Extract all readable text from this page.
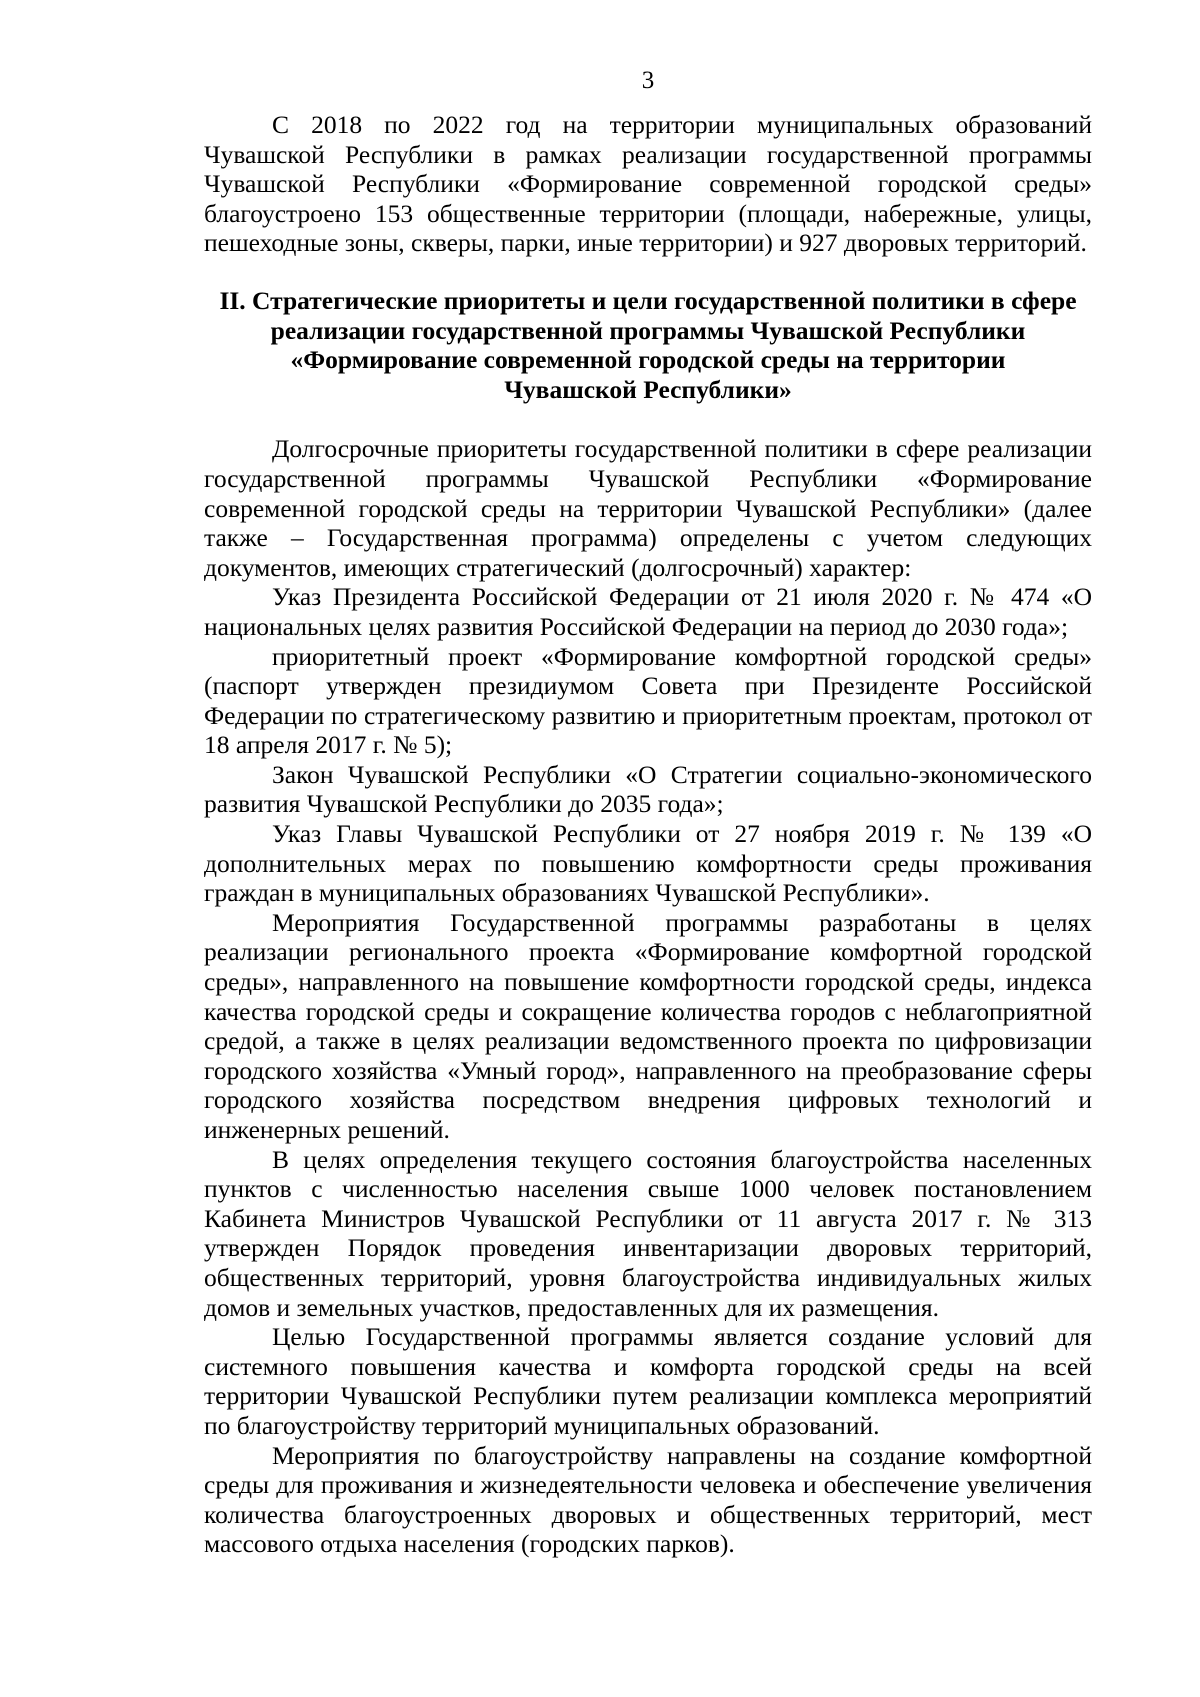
3

С 2018 по 2022 год на территории муниципальных образований Чувашской Республики в рамках реализации государственной программы Чувашской Республики «Формирование современной городской среды» благоустроено 153 общественные территории (площади, набережные, улицы, пешеходные зоны, скверы, парки, иные территории) и 927 дворовых территорий.

II. Стратегические приоритеты и цели государственной политики в сфере
реализации государственной программы Чувашской Республики
«Формирование современной городской среды на территории
Чувашской Республики»

Долгосрочные приоритеты государственной политики в сфере реализации государственной программы Чувашской Республики «Формирование современной городской среды на территории Чувашской Республики» (далее также – Государственная программа) определены с учетом следующих документов, имеющих стратегический (долгосрочный) характер:

Указ Президента Российской Федерации от 21 июля 2020 г. № 474 «О национальных целях развития Российской Федерации на период до 2030 года»;

приоритетный проект «Формирование комфортной городской среды» (паспорт утвержден президиумом Совета при Президенте Российской Федерации по стратегическому развитию и приоритетным проектам, протокол от 18 апреля 2017 г. № 5);

Закон Чувашской Республики «О Стратегии социально-экономического развития Чувашской Республики до 2035 года»;

Указ Главы Чувашской Республики от 27 ноября 2019 г. № 139 «О дополнительных мерах по повышению комфортности среды проживания граждан в муниципальных образованиях Чувашской Республики».

Мероприятия Государственной программы разработаны в целях реализации регионального проекта «Формирование комфортной городской среды», направленного на повышение комфортности городской среды, индекса качества городской среды и сокращение количества городов с неблагоприятной средой, а также в целях реализации ведомственного проекта по цифровизации городского хозяйства «Умный город», направленного на преобразование сферы городского хозяйства посредством внедрения цифровых технологий и инженерных решений.

В целях определения текущего состояния благоустройства населенных пунктов с численностью населения свыше 1000 человек постановлением Кабинета Министров Чувашской Республики от 11 августа 2017 г. № 313 утвержден Порядок проведения инвентаризации дворовых территорий, общественных территорий, уровня благоустройства индивидуальных жилых домов и земельных участков, предоставленных для их размещения.

Целью Государственной программы является создание условий для системного повышения качества и комфорта городской среды на всей территории Чувашской Республики путем реализации комплекса мероприятий по благоустройству территорий муниципальных образований.

Мероприятия по благоустройству направлены на создание комфортной среды для проживания и жизнедеятельности человека и обеспечение увеличения количества благоустроенных дворовых и общественных территорий, мест массового отдыха населения (городских парков).
